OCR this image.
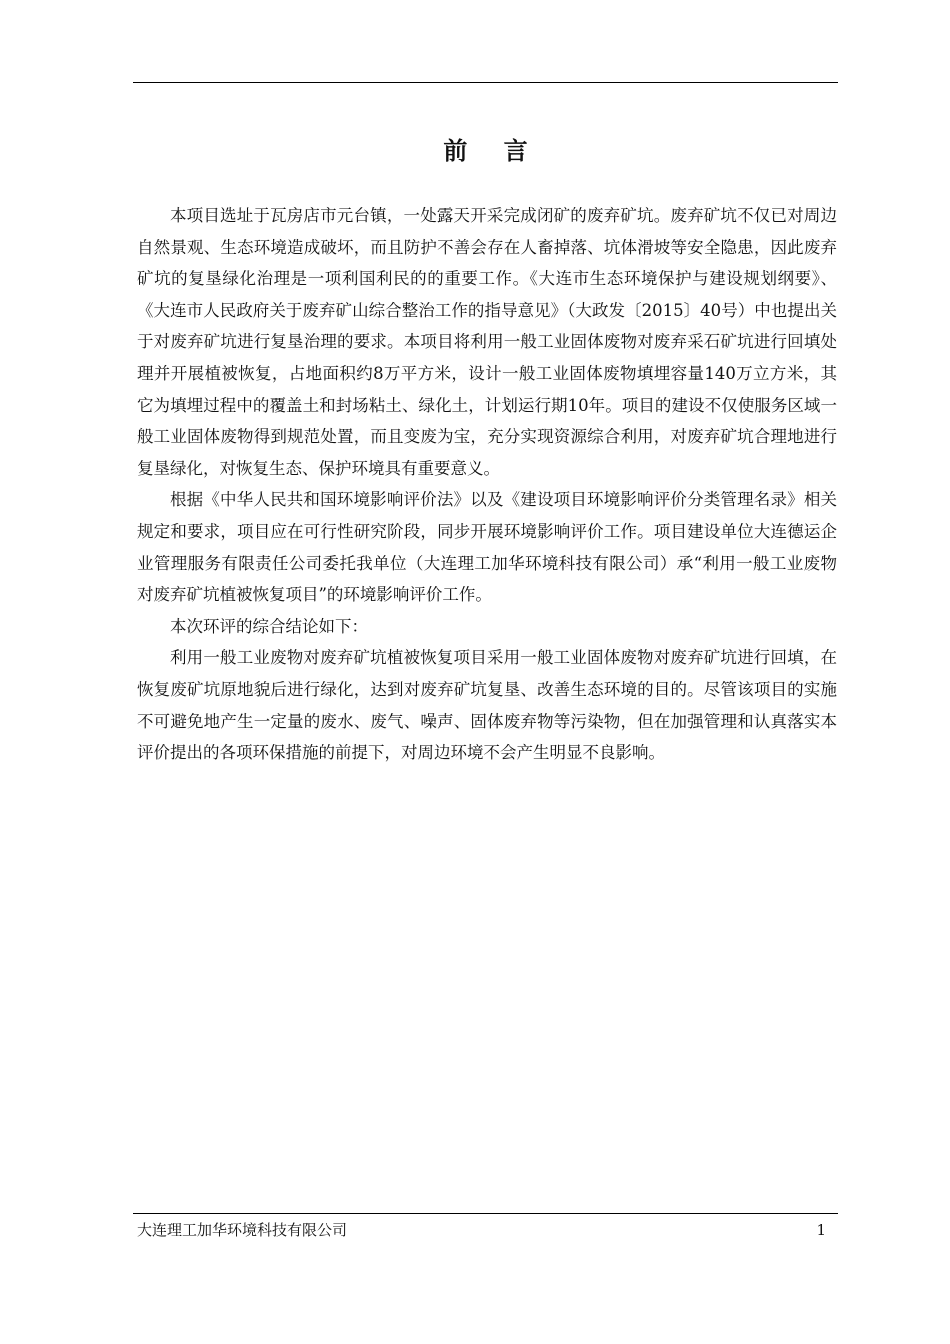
前 言

本项目选址于瓦房店市元台镇，一处露天开采完成闭矿的废弃矿坑。废弃矿坑不仅已对周边自然景观、生态环境造成破坏，而且防护不善会存在人畜掉落、坑体滑坡等安全隐患，因此废弃矿坑的复垦绿化治理是一项利国利民的的重要工作。《大连市生态环境保护与建设规划纲要》、《大连市人民政府关于废弃矿山综合整治工作的指导意见》（大政发〔2015〕40号）中也提出关于对废弃矿坑进行复垦治理的要求。本项目将利用一般工业固体废物对废弃采石矿坑进行回填处理并开展植被恢复，占地面积约8万平方米，设计一般工业固体废物填埋容量140万立方米，其它为填埋过程中的覆盖土和封场粘土、绿化土，计划运行期10年。项目的建设不仅使服务区域一般工业固体废物得到规范处置，而且变废为宝，充分实现资源综合利用，对废弃矿坑合理地进行复垦绿化，对恢复生态、保护环境具有重要意义。

根据《中华人民共和国环境影响评价法》以及《建设项目环境影响评价分类管理名录》相关规定和要求，项目应在可行性研究阶段，同步开展环境影响评价工作。项目建设单位大连德运企业管理服务有限责任公司委托我单位（大连理工加华环境科技有限公司）承“利用一般工业废物对废弃矿坑植被恢复项目”的环境影响评价工作。

本次环评的综合结论如下：

利用一般工业废物对废弃矿坑植被恢复项目采用一般工业固体废物对废弃矿坑进行回填，在恢复废矿坑原地貌后进行绿化，达到对废弃矿坑复垦、改善生态环境的目的。尽管该项目的实施不可避免地产生一定量的废水、废气、噪声、固体废弃物等污染物，但在加强管理和认真落实本评价提出的各项环保措施的前提下，对周边环境不会产生明显不良影响。

大连理工加华环境科技有限公司	1
